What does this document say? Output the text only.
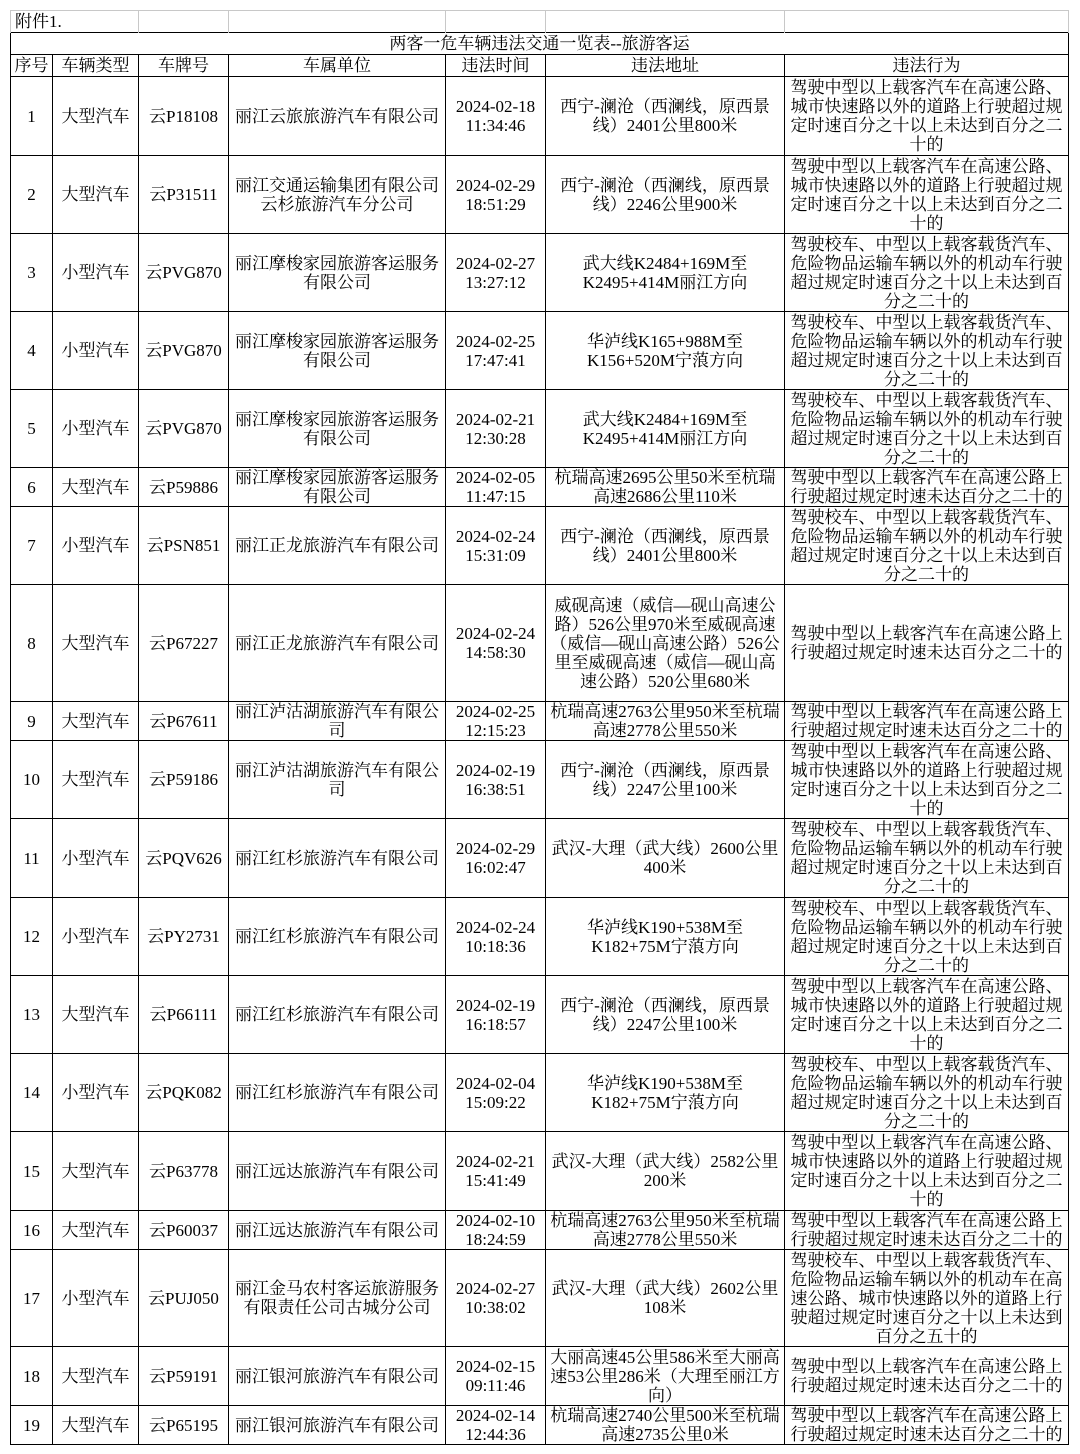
附件1.						
两客一危车辆违法交通一览表--旅游客运						
序号	车辆类型	车牌号	车属单位	违法时间	违法地址	违法行为
1	大型汽车	云P18108	丽江云旅旅游汽车有限公司	2024-02-18 11:34:46	西宁-澜沧（西澜线，原西景线）2401公里800米	驾驶中型以上载客汽车在高速公路、城市快速路以外的道路上行驶超过规定时速百分之十以上未达到百分之二十的
2	大型汽车	云P31511	丽江交通运输集团有限公司云杉旅游汽车分公司	2024-02-29 18:51:29	西宁-澜沧（西澜线，原西景线）2246公里900米	驾驶中型以上载客汽车在高速公路、城市快速路以外的道路上行驶超过规定时速百分之十以上未达到百分之二十的
3	小型汽车	云PVG870	丽江摩梭家园旅游客运服务有限公司	2024-02-27 13:27:12	武大线K2484+169M至K2495+414M丽江方向	驾驶校车、中型以上载客载货汽车、危险物品运输车辆以外的机动车行驶超过规定时速百分之十以上未达到百分之二十的
4	小型汽车	云PVG870	丽江摩梭家园旅游客运服务有限公司	2024-02-25 17:47:41	华泸线K165+988M至K156+520M宁蒗方向	驾驶校车、中型以上载客载货汽车、危险物品运输车辆以外的机动车行驶超过规定时速百分之十以上未达到百分之二十的
5	小型汽车	云PVG870	丽江摩梭家园旅游客运服务有限公司	2024-02-21 12:30:28	武大线K2484+169M至K2495+414M丽江方向	驾驶校车、中型以上载客载货汽车、危险物品运输车辆以外的机动车行驶超过规定时速百分之十以上未达到百分之二十的
6	大型汽车	云P59886	丽江摩梭家园旅游客运服务有限公司	2024-02-05 11:47:15	杭瑞高速2695公里50米至杭瑞高速2686公里110米	驾驶中型以上载客汽车在高速公路上行驶超过规定时速未达百分之二十的
7	小型汽车	云PSN851	丽江正龙旅游汽车有限公司	2024-02-24 15:31:09	西宁-澜沧（西澜线，原西景线）2401公里800米	驾驶校车、中型以上载客载货汽车、危险物品运输车辆以外的机动车行驶超过规定时速百分之十以上未达到百分之二十的
8	大型汽车	云P67227	丽江正龙旅游汽车有限公司	2024-02-24 14:58:30	威砚高速（威信—砚山高速公路）526公里970米至威砚高速（威信—砚山高速公路）526公里至威砚高速（威信—砚山高速公路）520公里680米	驾驶中型以上载客汽车在高速公路上行驶超过规定时速未达百分之二十的
9	大型汽车	云P67611	丽江泸沽湖旅游汽车有限公司	2024-02-25 12:15:23	杭瑞高速2763公里950米至杭瑞高速2778公里550米	驾驶中型以上载客汽车在高速公路上行驶超过规定时速未达百分之二十的
10	大型汽车	云P59186	丽江泸沽湖旅游汽车有限公司	2024-02-19 16:38:51	西宁-澜沧（西澜线，原西景线）2247公里100米	驾驶中型以上载客汽车在高速公路、城市快速路以外的道路上行驶超过规定时速百分之十以上未达到百分之二十的
11	小型汽车	云PQV626	丽江红杉旅游汽车有限公司	2024-02-29 16:02:47	武汉-大理（武大线）2600公里400米	驾驶校车、中型以上载客载货汽车、危险物品运输车辆以外的机动车行驶超过规定时速百分之十以上未达到百分之二十的
12	小型汽车	云PY2731	丽江红杉旅游汽车有限公司	2024-02-24 10:18:36	华泸线K190+538M至K182+75M宁蒗方向	驾驶校车、中型以上载客载货汽车、危险物品运输车辆以外的机动车行驶超过规定时速百分之十以上未达到百分之二十的
13	大型汽车	云P66111	丽江红杉旅游汽车有限公司	2024-02-19 16:18:57	西宁-澜沧（西澜线，原西景线）2247公里100米	驾驶中型以上载客汽车在高速公路、城市快速路以外的道路上行驶超过规定时速百分之十以上未达到百分之二十的
14	小型汽车	云PQK082	丽江红杉旅游汽车有限公司	2024-02-04 15:09:22	华泸线K190+538M至K182+75M宁蒗方向	驾驶校车、中型以上载客载货汽车、危险物品运输车辆以外的机动车行驶超过规定时速百分之十以上未达到百分之二十的
15	大型汽车	云P63778	丽江远达旅游汽车有限公司	2024-02-21 15:41:49	武汉-大理（武大线）2582公里200米	驾驶中型以上载客汽车在高速公路、城市快速路以外的道路上行驶超过规定时速百分之十以上未达到百分之二十的
16	大型汽车	云P60037	丽江远达旅游汽车有限公司	2024-02-10 18:24:59	杭瑞高速2763公里950米至杭瑞高速2778公里550米	驾驶中型以上载客汽车在高速公路上行驶超过规定时速未达百分之二十的
17	小型汽车	云PUJ050	丽江金马农村客运旅游服务有限责任公司古城分公司	2024-02-27 10:38:02	武汉-大理（武大线）2602公里108米	驾驶校车、中型以上载客载货汽车、危险物品运输车辆以外的机动车在高速公路、城市快速路以外的道路上行驶超过规定时速百分之十以上未达到百分之五十的
18	大型汽车	云P59191	丽江银河旅游汽车有限公司	2024-02-15 09:11:46	大丽高速45公里586米至大丽高速53公里286米（大理至丽江方向）	驾驶中型以上载客汽车在高速公路上行驶超过规定时速未达百分之二十的
19	大型汽车	云P65195	丽江银河旅游汽车有限公司	2024-02-14 12:44:36	杭瑞高速2740公里500米至杭瑞高速2735公里0米	驾驶中型以上载客汽车在高速公路上行驶超过规定时速未达百分之二十的
